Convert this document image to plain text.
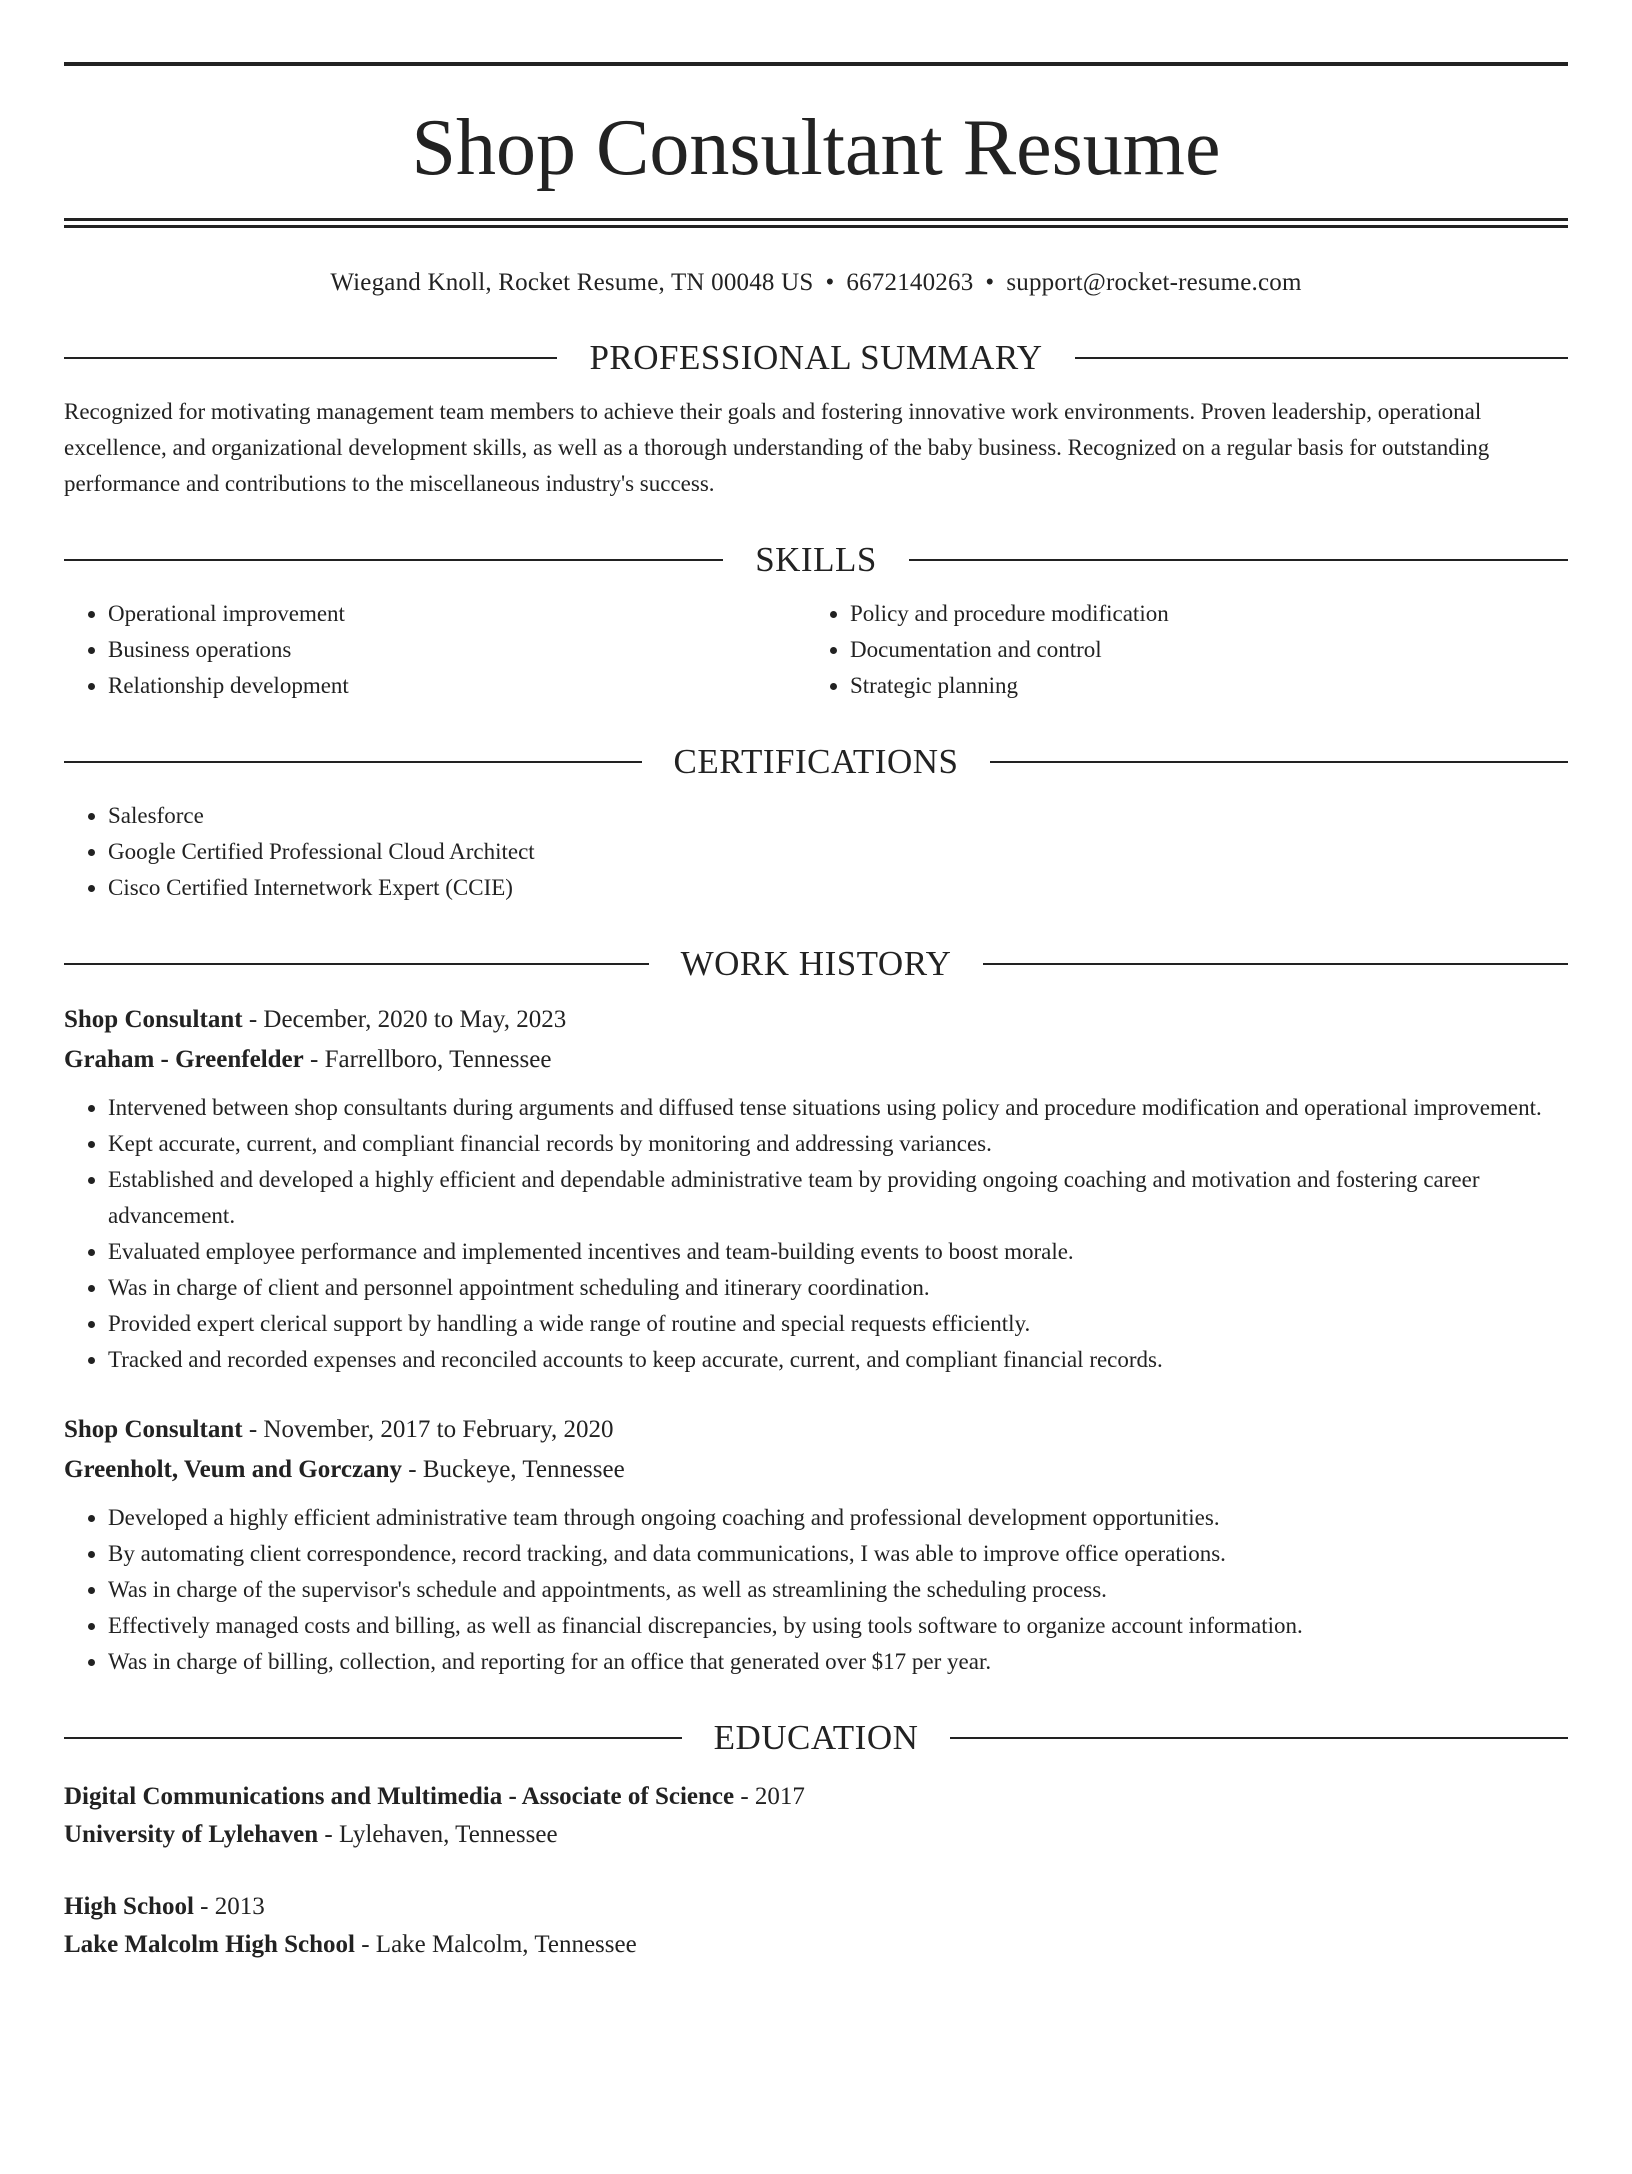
Shop Consultant Resume
Wiegand Knoll, Rocket Resume, TN 00048 US • 6672140263 • support@rocket-resume.com
PROFESSIONAL SUMMARY
Recognized for motivating management team members to achieve their goals and fostering innovative work environments. Proven leadership, operational excellence, and organizational development skills, as well as a thorough understanding of the baby business. Recognized on a regular basis for outstanding performance and contributions to the miscellaneous industry's success.
SKILLS
• Operational improvement
• Business operations
• Relationship development
• Policy and procedure modification
• Documentation and control
• Strategic planning
CERTIFICATIONS
• Salesforce
• Google Certified Professional Cloud Architect
• Cisco Certified Internetwork Expert (CCIE)
WORK HISTORY
Shop Consultant - December, 2020 to May, 2023
Graham - Greenfelder - Farrellboro, Tennessee
• Intervened between shop consultants during arguments and diffused tense situations using policy and procedure modification and operational improvement.
• Kept accurate, current, and compliant financial records by monitoring and addressing variances.
• Established and developed a highly efficient and dependable administrative team by providing ongoing coaching and motivation and fostering career advancement.
• Evaluated employee performance and implemented incentives and team-building events to boost morale.
• Was in charge of client and personnel appointment scheduling and itinerary coordination.
• Provided expert clerical support by handling a wide range of routine and special requests efficiently.
• Tracked and recorded expenses and reconciled accounts to keep accurate, current, and compliant financial records.
Shop Consultant - November, 2017 to February, 2020
Greenholt, Veum and Gorczany - Buckeye, Tennessee
• Developed a highly efficient administrative team through ongoing coaching and professional development opportunities.
• By automating client correspondence, record tracking, and data communications, I was able to improve office operations.
• Was in charge of the supervisor's schedule and appointments, as well as streamlining the scheduling process.
• Effectively managed costs and billing, as well as financial discrepancies, by using tools software to organize account information.
• Was in charge of billing, collection, and reporting for an office that generated over $17 per year.
EDUCATION
Digital Communications and Multimedia - Associate of Science - 2017
University of Lylehaven - Lylehaven, Tennessee
High School - 2013
Lake Malcolm High School - Lake Malcolm, Tennessee
